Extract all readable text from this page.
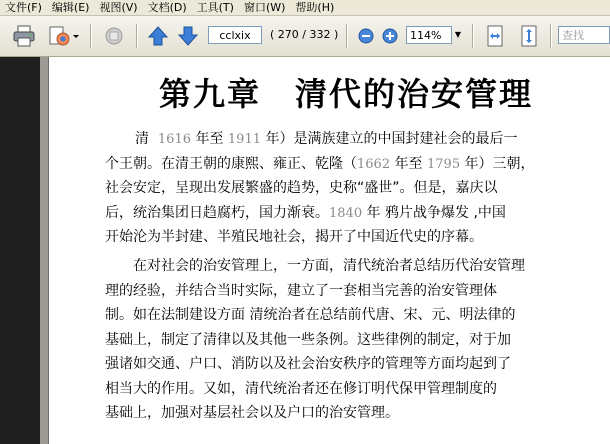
文件(F) 编辑(E) 视图(V) 文档(D) 工具(T) 窗口(W) 帮助(H)
cclxix	( 270 / 332 )	114%	▼	查找
第九章　清代的治安管理
清 1616 年至 1911 年）是满族建立的中国封建社会的最后一
个王朝。在清王朝的康熙、雍正、乾隆（1662 年至 1795 年）三朝，
社会安定，呈现出发展繁盛的趋势，史称“盛世”。但是，嘉庆以
后，统治集团日趋腐朽，国力渐衰。1840 年 鸦片战争爆发 ,中国
开始沦为半封建、半殖民地社会，揭开了中国近代史的序幕。
在对社会的治安管理上，一方面，清代统治者总结历代治安管理
理的经验，并结合当时实际，建立了一套相当完善的治安管理体
制。如在法制建设方面 清统治者在总结前代唐、宋、元、明法律的
基础上，制定了清律以及其他一些条例。这些律例的制定，对于加
强诸如交通、户口、消防以及社会治安秩序的管理等方面均起到了
相当大的作用。又如，清代统治者还在修订明代保甲管理制度的
基础上，加强对基层社会以及户口的治安管理。
